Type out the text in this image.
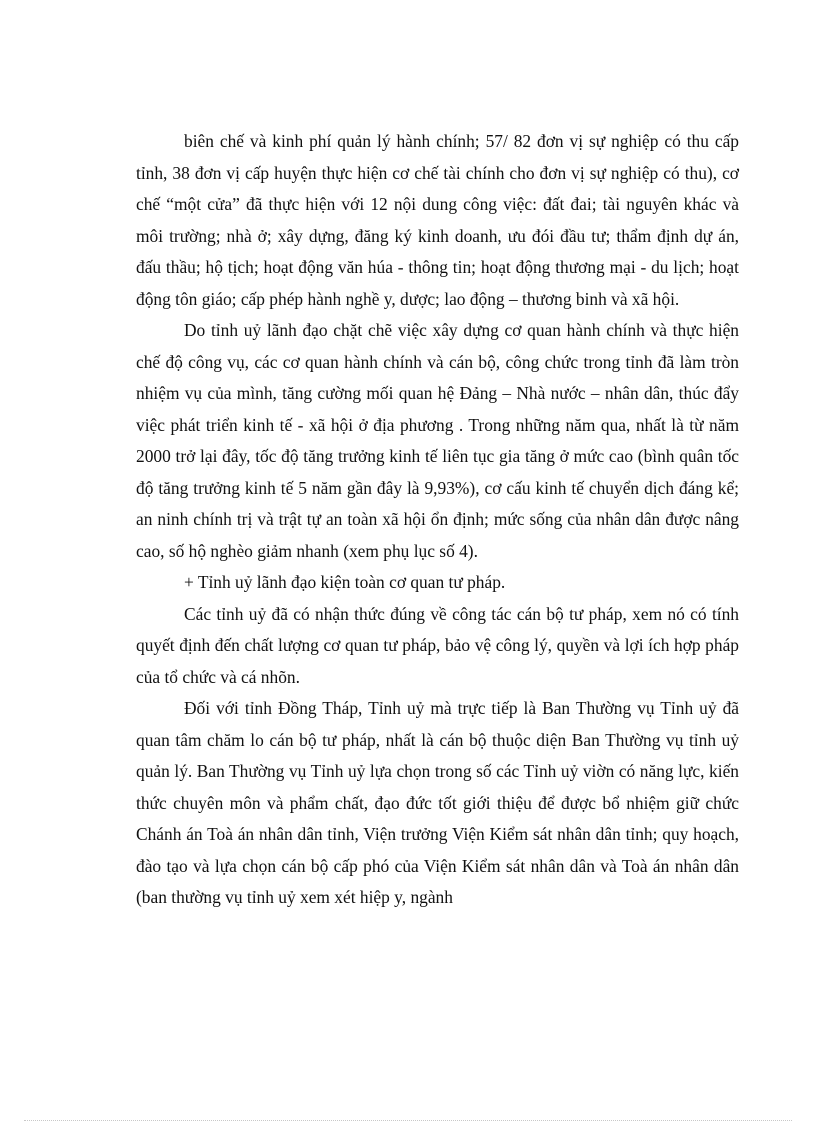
biên chế và kinh phí quản lý hành chính; 57/ 82 đơn vị sự nghiệp có thu cấp tỉnh, 38 đơn vị cấp huyện thực hiện cơ chế tài chính cho đơn vị sự nghiệp có thu), cơ chế “một cửa” đã thực hiện với 12 nội dung công việc: đất đai; tài nguyên khác và môi trường; nhà ở; xây dựng, đăng ký kinh doanh, ưu đói đầu tư; thẩm định dự án, đấu thầu; hộ tịch; hoạt động văn húa - thông tin; hoạt động thương mại - du lịch; hoạt động tôn giáo; cấp phép hành nghề y, dược; lao động – thương binh và xã hội.

Do tỉnh uỷ lãnh đạo chặt chẽ việc xây dựng cơ quan hành chính và thực hiện chế độ công vụ, các cơ quan hành chính và cán bộ, công chức trong tỉnh đã làm tròn nhiệm vụ của mình, tăng cường mối quan hệ Đảng – Nhà nước – nhân dân, thúc đẩy việc phát triển kinh tế - xã hội ở địa phương . Trong những năm qua, nhất là từ năm 2000 trở lại đây, tốc độ tăng trưởng kinh tế liên tục gia tăng ở mức cao (bình quân tốc độ tăng trưởng kinh tế 5 năm gần đây là 9,93%), cơ cấu kinh tế chuyển dịch đáng kể; an ninh chính trị và trật tự an toàn xã hội ổn định; mức sống của nhân dân được nâng cao, số hộ nghèo giảm nhanh (xem phụ lục số 4).

+ Tỉnh uỷ lãnh đạo kiện toàn cơ quan tư pháp.

Các tỉnh uỷ đã có nhận thức đúng về công tác cán bộ tư pháp, xem nó có tính quyết định đến chất lượng cơ quan tư pháp, bảo vệ công lý, quyền và lợi ích hợp pháp của tổ chức và cá nhõn.

Đối với tỉnh Đồng Tháp, Tỉnh uỷ mà trực tiếp là Ban Thường vụ Tỉnh uỷ đã quan tâm chăm lo cán bộ tư pháp, nhất là cán bộ thuộc diện Ban Thường vụ tỉnh uỷ quản lý. Ban Thường vụ Tỉnh uỷ lựa chọn trong số các Tỉnh uỷ viờn có năng lực, kiến thức chuyên môn và phẩm chất, đạo đức tốt giới thiệu để được bổ nhiệm giữ chức Chánh án Toà án nhân dân tỉnh, Viện trưởng Viện Kiểm sát nhân dân tỉnh; quy hoạch, đào tạo và lựa chọn cán bộ cấp phó của Viện Kiểm sát nhân dân và Toà án nhân dân (ban thường vụ tỉnh uỷ xem xét hiệp y, ngành
